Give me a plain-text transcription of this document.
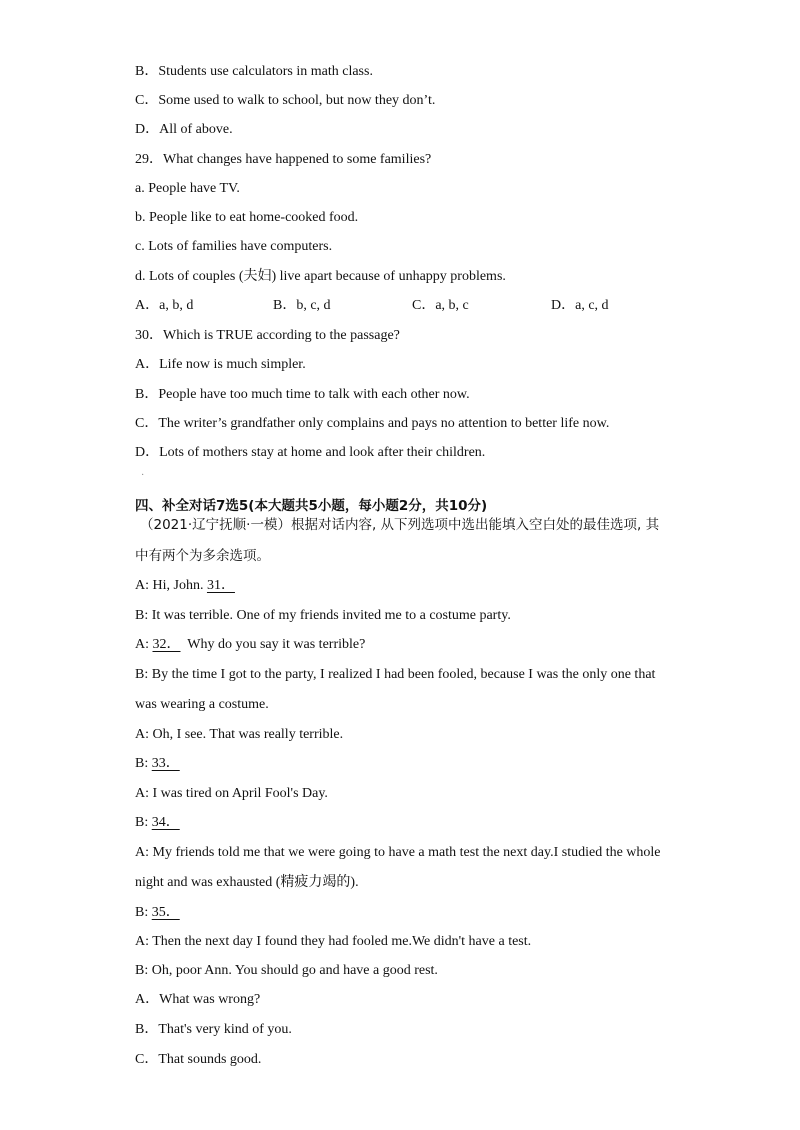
B．Students use calculators in math class.
C．Some used to walk to school, but now they don’t.
D．All of above.
29．What changes have happened to some families?
a. People have TV.
b. People like to eat home-cooked food.
c. Lots of families have computers.
d. Lots of couples (夫妇) live apart because of unhappy problems.
A．a, b, d	B．b, c, d	C．a, b, c	D．a, c, d
30．Which is TRUE according to the passage?
A．Life now is much simpler.
B．People have too much time to talk with each other now.
C．The writer’s grandfather only complains and pays no attention to better life now.
D．Lots of mothers stay at home and look after their children.
·
四、补全对话7选5(本大题共5小题，每小题2分，共10分)
（2021·辽宁抚顺·一模）根据对话内容, 从下列选项中选出能填入空白处的最佳选项, 其
中有两个为多余选项。
A: Hi, John. 31．
B: It was terrible. One of my friends invited me to a costume party.
A: 32．  Why do you say it was terrible?
B: By the time I got to the party, I realized I had been fooled, because I was the only one that
was wearing a costume.
A: Oh, I see. That was really terrible.
B: 33．
A: I was tired on April Fool's Day.
B: 34．
A: My friends told me that we were going to have a math test the next day.I studied the whole
night and was exhausted (精疲力竭的).
B: 35．
A: Then the next day I found they had fooled me.We didn't have a test.
B: Oh, poor Ann. You should go and have a good rest.
A．What was wrong?
B．That's very kind of you.
C．That sounds good.
